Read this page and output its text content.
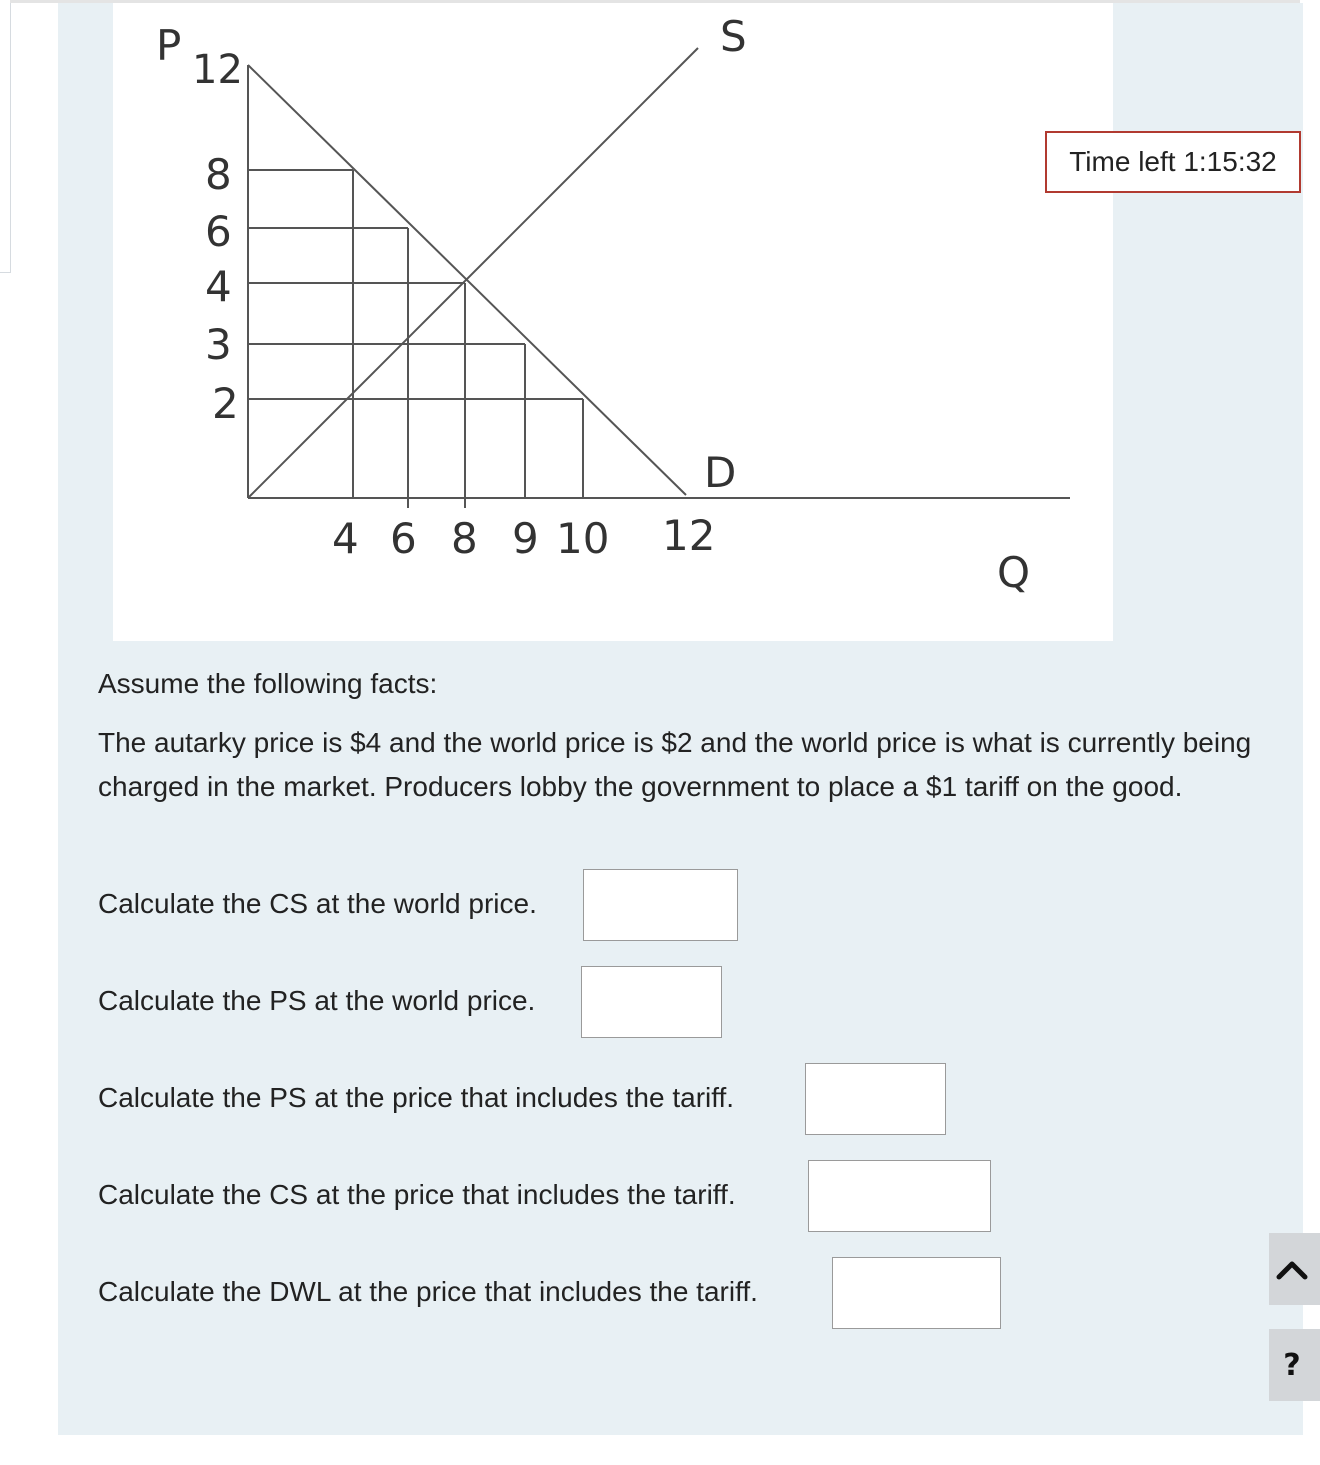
P 12
8
6
4
3
2
S
D
4 6 8 9 10 12
Q
Time left 1:15:32
Assume the following facts:
The autarky price is $4 and the world price is $2 and the world price is what is currently being charged in the market. Producers lobby the government to place a $1 tariff on the good.
Calculate the CS at the world price.
Calculate the PS at the world price.
Calculate the PS at the price that includes the tariff.
Calculate the CS at the price that includes the tariff.
Calculate the DWL at the price that includes the tariff.
?
